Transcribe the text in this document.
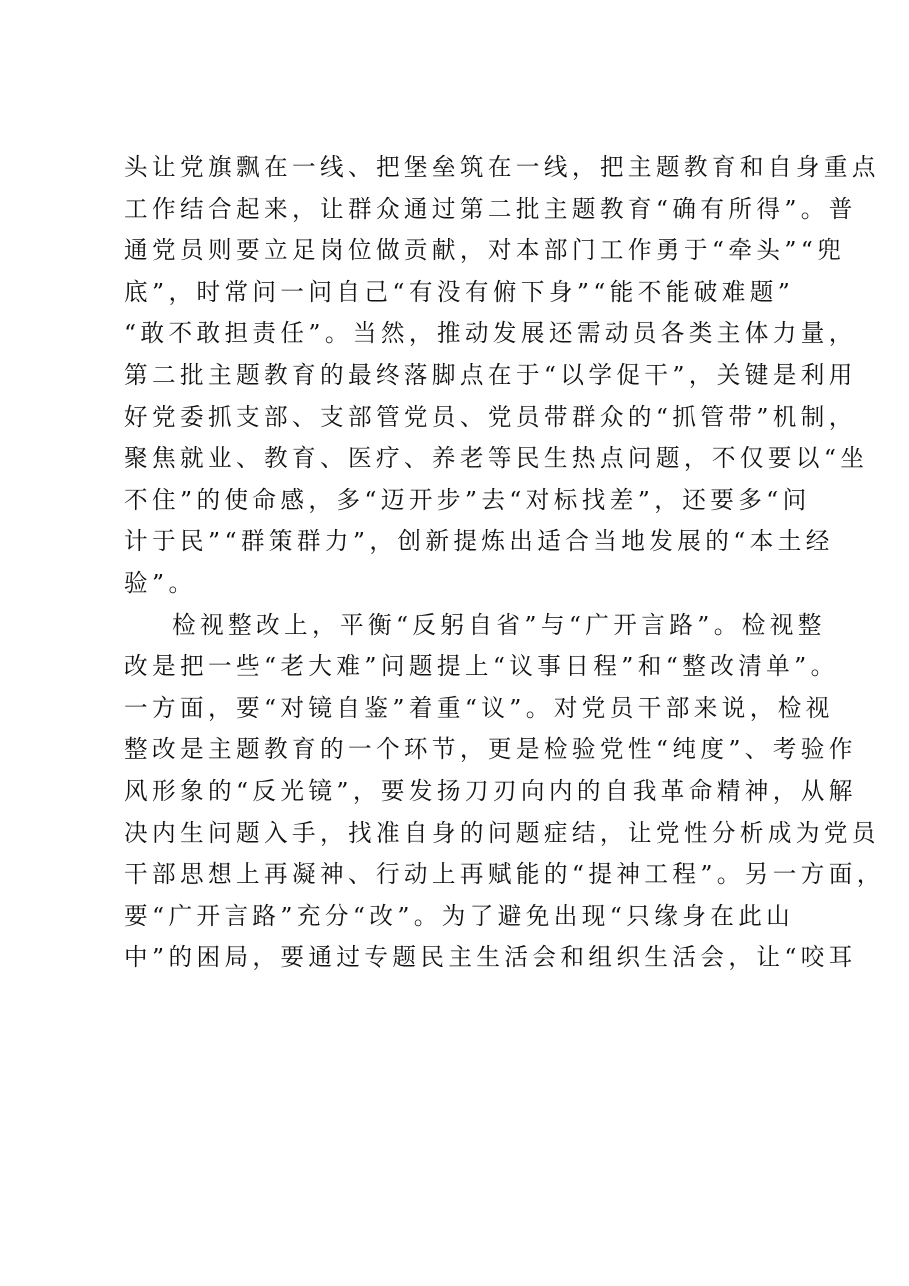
头让党旗飘在一线、把堡垒筑在一线，把主题教育和自身重点
工作结合起来，让群众通过第二批主题教育“确有所得”。普
通党员则要立足岗位做贡献，对本部门工作勇于“牵头”“兜
底”，时常问一问自己“有没有俯下身”“能不能破难题”
“敢不敢担责任”。当然，推动发展还需动员各类主体力量，
第二批主题教育的最终落脚点在于“以学促干”，关键是利用
好党委抓支部、支部管党员、党员带群众的“抓管带”机制，
聚焦就业、教育、医疗、养老等民生热点问题，不仅要以“坐
不住”的使命感，多“迈开步”去“对标找差”，还要多“问
计于民”“群策群力”，创新提炼出适合当地发展的“本土经
验”。
检视整改上，平衡“反躬自省”与“广开言路”。检视整
改是把一些“老大难”问题提上“议事日程”和“整改清单”。
一方面，要“对镜自鉴”着重“议”。对党员干部来说，检视
整改是主题教育的一个环节，更是检验党性“纯度”、考验作
风形象的“反光镜”，要发扬刀刃向内的自我革命精神，从解
决内生问题入手，找准自身的问题症结，让党性分析成为党员
干部思想上再凝神、行动上再赋能的“提神工程”。另一方面，
要“广开言路”充分“改”。为了避免出现“只缘身在此山
中”的困局，要通过专题民主生活会和组织生活会，让“咬耳
